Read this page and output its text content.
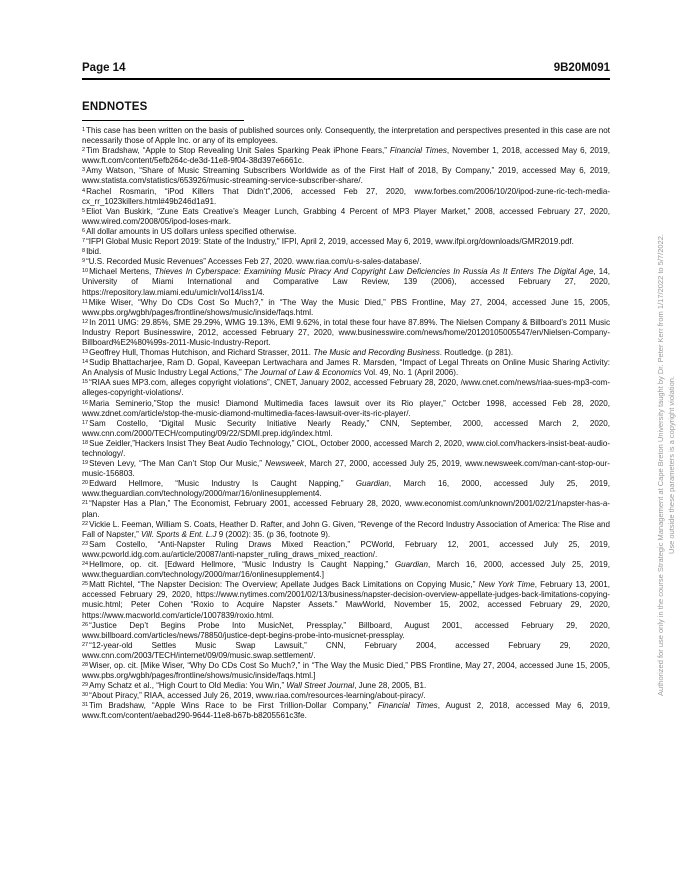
Page 14	9B20M091
ENDNOTES

$^1$This case has been written on the basis of published sources only. Consequently, the interpretation and perspectives presented in this case are not necessarily those of Apple Inc. or any of its employees.

$^2$Tim Bradshaw, “Apple to Stop Revealing Unit Sales Sparking Peak iPhone Fears,” Financial Times, November 1, 2018, accessed May 6, 2019, www.ft.com/content/5efb264c-de3d-11e8-9f04-38d397e6661c.

$^3$Amy Watson, “Share of Music Streaming Subscribers Worldwide as of the First Half of 2018, By Company,” 2019, accessed May 6, 2019, www.statista.com/statistics/653926/music-streaming-service-subscriber-share/.

$^4$Rachel Rosmarin, “iPod Killers That Didn’t”,2006, accessed Feb 27, 2020, www.forbes.com/2006/10/20/ipod-zune-ric-tech-media-cx_rr_1023killers.html#49b246d1a91.

$^5$Eliot Van Buskirk, “Zune Eats Creative’s Meager Lunch, Grabbing 4 Percent of MP3 Player Market,” 2008, accessed February 27, 2020, www.wired.com/2008/05/ipod-loses-mark.

$^6$All dollar amounts in US dollars unless specified otherwise.

$^7$“IFPI Global Music Report 2019: State of the Industry,” IFPI, April 2, 2019, accessed May 6, 2019, www.ifpi.org/downloads/GMR2019.pdf.

$^8$Ibid.

$^9$“U.S. Recorded Music Revenues” Accesses Feb 27, 2020. www.riaa.com/u-s-sales-database/.

$^{10}$Michael Mertens, Thieves In Cyberspace: Examining Music Piracy And Copyright Law Deficiencies In Russia As It Enters The Digital Age, 14, University of Miami International and Comparative Law Review, 139 (2006), accessed February 27, 2020, https://repository.law.miami.edu/umiclr/vol14/iss1/4.

$^{11}$Mike Wiser, “Why Do CDs Cost So Much?,” in “The Way the Music Died,” PBS Frontline, May 27, 2004, accessed June 15, 2005, www.pbs.org/wgbh/pages/frontline/shows/music/inside/faqs.html.

$^{12}$In 2011 UMG: 29.85%, SME 29.29%, WMG 19.13%, EMI 9.62%, in total these four have 87.89%. The Nielsen Company & Billboard’s 2011 Music Industry Report Businesswire, 2012, accessed February 27, 2020, www.businesswire.com/news/home/20120105005547/en/Nielsen-Company-Billboard%E2%80%99s-2011-Music-Industry-Report.

$^{13}$Geoffrey Hull, Thomas Hutchison, and Richard Strasser, 2011. The Music and Recording Business. Routledge. (p 281).

$^{14}$Sudip Bhattacharjee, Ram D. Gopal, Kaveepan Lertwachara and James R. Marsden, “Impact of Legal Threats on Online Music Sharing Activity: An Analysis of Music Industry Legal Actions,” The Journal of Law & Economics Vol. 49, No. 1 (April 2006).

$^{15}$“RIAA sues MP3.com, alleges copyright violations”, CNET, January 2002, accessed February 28, 2020, /www.cnet.com/news/riaa-sues-mp3-com-alleges-copyright-violations/.

$^{16}$Maria Seminerio,”Stop the music! Diamond Multimedia faces lawsuit over its Rio player,” Octcber 1998, accessed Feb 28, 2020, www.zdnet.com/article/stop-the-music-diamond-multimedia-faces-lawsuit-over-its-ric-player/.

$^{17}$Sam Costello, “Digital Music Security Initiative Nearly Ready,” CNN, September, 2000, accessed March 2, 2020, www.cnn.com/2000/TECH/computing/09/22/SDMI.prep.idg/index.html.

$^{18}$Sue Zeidler,”Hackers Insist They Beat Audio Technology,” CIOL, October 2000, accessed March 2, 2020, www.ciol.com/hackers-insist-beat-audio-technology/.

$^{19}$Steven Levy, “The Man Can’t Stop Our Music,” Newsweek, March 27, 2000, accessed July 25, 2019, www.newsweek.com/man-cant-stop-our-music-156803.

$^{20}$Edward Hellmore, “Music Industry Is Caught Napping,” Guardian, March 16, 2000, accessed July 25, 2019, www.theguardian.com/technology/2000/mar/16/onlinesupplement4.

$^{21}$“Napster Has a Plan,” The Economist, February 2001, accessed February 28, 2020, www.economist.com/unknown/2001/02/21/napster-has-a-plan.

$^{22}$Vickie L. Feeman, William S. Coats, Heather D. Rafter, and John G. Given, “Revenge of the Record Industry Association of America: The Rise and Fall of Napster,” Vill. Sports & Ent. L.J 9 (2002): 35. (p 36, footnote 9).

$^{23}$Sam Costello, “Anti-Napster Ruling Draws Mixed Reaction,” PCWorld, February 12, 2001, accessed July 25, 2019, www.pcworld.idg.com.au/article/20087/anti-napster_ruling_draws_mixed_reaction/.

$^{24}$Hellmore, op. cit. [Edward Hellmore, “Music Industry Is Caught Napping,” Guardian, March 16, 2000, accessed July 25, 2019, www.theguardian.com/technology/2000/mar/16/onlinesupplement4.]

$^{25}$Matt Richtel, “The Napster Decision: The Overview; Apellate Judges Back Limitations on Copying Music,” New York Time, February 13, 2001, accessed February 29, 2020, https://www.nytimes.com/2001/02/13/business/napster-decision-overview-appellate-judges-back-limitations-copying-music.html; Peter Cohen “Roxio to Acquire Napster Assets.” MawWorld, November 15, 2002, accessed February 29, 2020, https://www.macworld.com/article/1007839/roxio.html.

$^{26}$“Justice Dep’t Begins Probe Into MusicNet, Pressplay,” Billboard, August 2001, accessed February 29, 2020, www.billboard.com/articles/news/78850/justice-dept-begins-probe-into-musicnet-pressplay.

$^{27}$“12-year-old Settles Music Swap Lawsuit,” CNN, February 2004, accessed February 29, 2020, www.cnn.com/2003/TECH/internet/09/09/music.swap.settlement/.

$^{28}$Wiser, op. cit. [Mike Wiser, “Why Do CDs Cost So Much?,” in “The Way the Music Died,” PBS Frontline, May 27, 2004, accessed June 15, 2005, www.pbs.org/wgbh/pages/frontline/shows/music/inside/faqs.html.]

$^{29}$Amy Schatz et al., “High Court to Old Media: You Win,” Wall Street Journal, June 28, 2005, B1.

$^{30}$“About Piracy,” RIAA, accessed July 26, 2019, www.riaa.com/resources-learning/about-piracy/.

$^{31}$Tim Bradshaw, “Apple Wins Race to be First Trillion-Dollar Company,” Financial Times, August 2, 2018, accessed May 6, 2019, www.ft.com/content/aebad290-9644-11e8-b67b-b8205561c3fe.

Authorized for use only in the course Strategic Management at Cape Breton University taught by Dr. Peter Kerr from 1/17/2022 to 5/7/2022. Use outside these parameters is a copyright violation.
